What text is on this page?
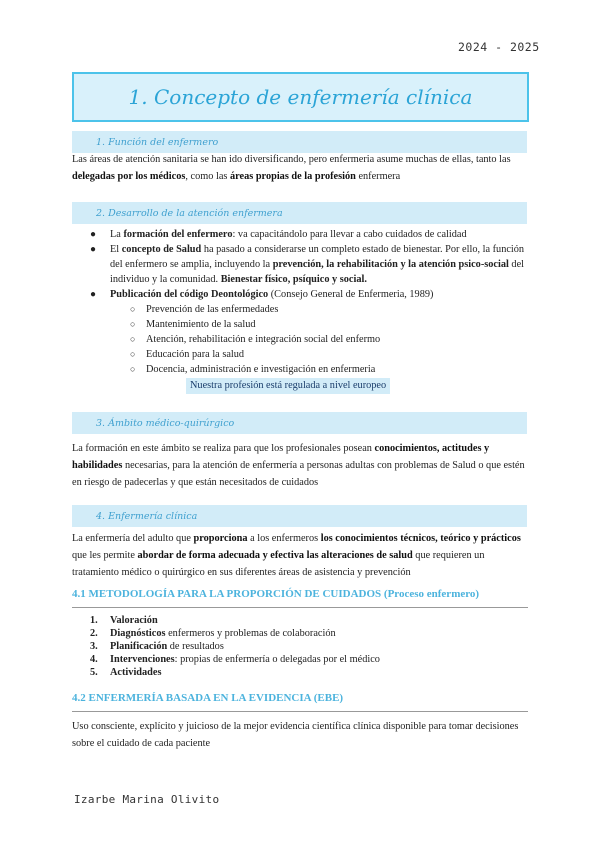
2024 - 2025
1. Concepto de enfermería clínica
1. Función del enfermero
Las áreas de atención sanitaria se han ido diversificando, pero enfermeria asume muchas de ellas, tanto las delegadas por los médicos, como las áreas propias de la profesión enfermera
2. Desarrollo de la atención enfermera
● La formación del enfermero: va capacitándolo para llevar a cabo cuidados de calidad
● El concepto de Salud ha pasado a considerarse un completo estado de bienestar. Por ello, la función del enfermero se amplia, incluyendo la prevención, la rehabilitación y la atención psico-social del individuo y la comunidad. Bienestar físico, psíquico y social.
● Publicación del código Deontológico (Consejo General de Enfermeria, 1989)
○ Prevención de las enfermedades
○ Mantenimiento de la salud
○ Atención, rehabilitación e integración social del enfermo
○ Educación para la salud
○ Docencia, administración e investigación en enfermeria
Nuestra profesión está regulada a nivel europeo
3. Ámbito médico-quirúrgico
La formación en este ámbito se realiza para que los profesionales posean conocimientos, actitudes y habilidades necesarias, para la atención de enfermería a personas adultas con problemas de Salud o que estén en riesgo de padecerlas y que están necesitados de cuidados
4. Enfermería clínica
La enfermería del adulto que proporciona a los enfermeros los conocimientos técnicos, teórico y prácticos que les permite abordar de forma adecuada y efectiva las alteraciones de salud que requieren un tratamiento médico o quirúrgico en sus diferentes áreas de asistencia y prevención
4.1 METODOLOGÍA PARA LA PROPORCIÓN DE CUIDADOS (Proceso enfermero)
1. Valoración
2. Diagnósticos enfermeros y problemas de colaboración
3. Planificación de resultados
4. Intervenciones: propias de enfermería o delegadas por el médico
5. Actividades
4.2 ENFERMERÍA BASADA EN LA EVIDENCIA (EBE)
Uso consciente, explícito y juicioso de la mejor evidencia científica clínica disponible para tomar decisiones sobre el cuidado de cada paciente
Izarbe Marina Olivito
